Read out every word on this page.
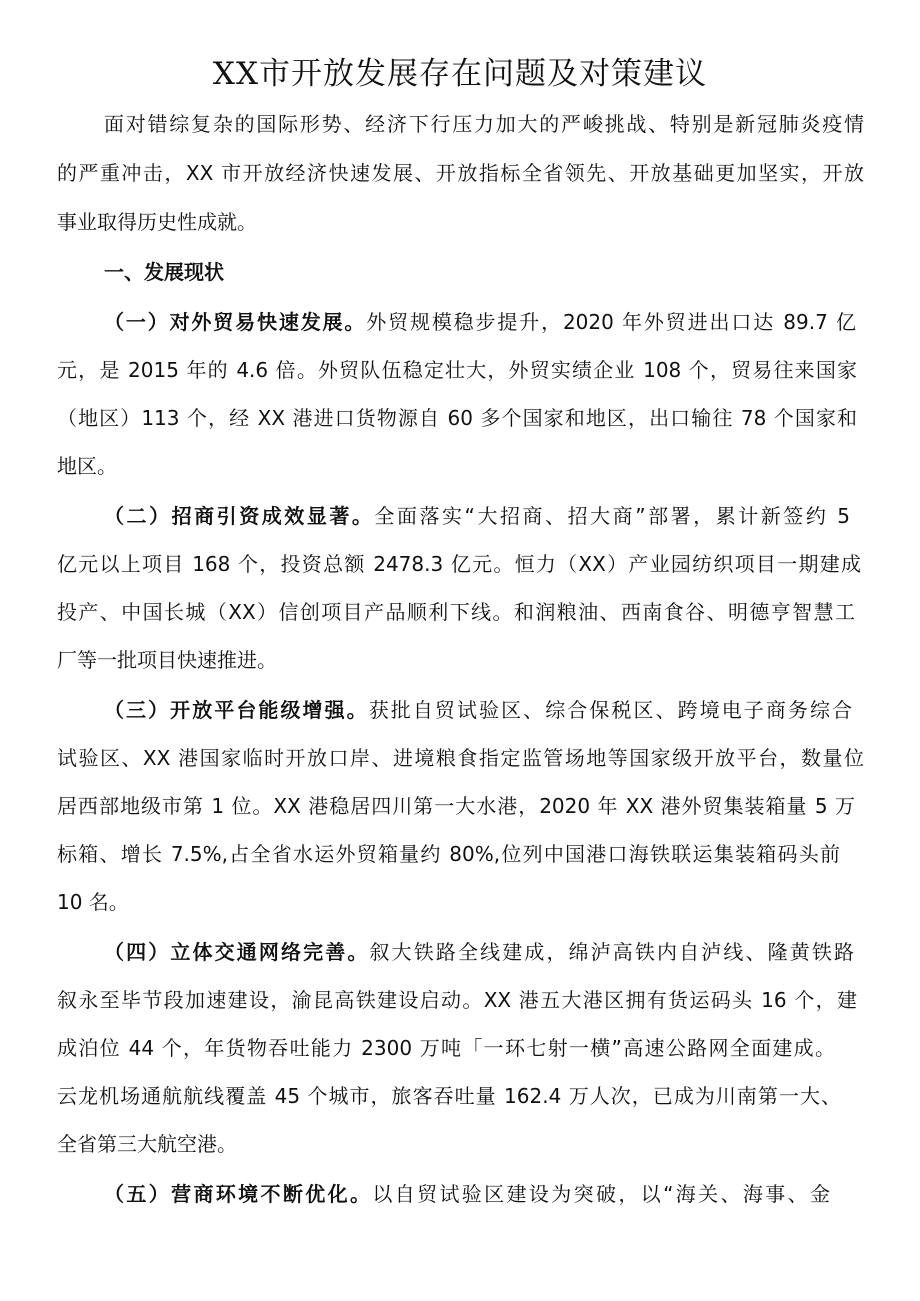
XX市开放发展存在问题及对策建议
面对错综复杂的国际形势、经济下行压力加大的严峻挑战、特别是新冠肺炎疫情
的严重冲击，XX 市开放经济快速发展、开放指标全省领先、开放基础更加坚实，开放
事业取得历史性成就。
一、发展现状
（一）对外贸易快速发展。外贸规模稳步提升，2020 年外贸进出口达 89.7 亿
元，是 2015 年的 4.6 倍。外贸队伍稳定壮大，外贸实绩企业 108 个，贸易往来国家
（地区）113 个，经 XX 港进口货物源自 60 多个国家和地区，出口输往 78 个国家和
地区。
（二）招商引资成效显著。全面落实“大招商、招大商”部署，累计新签约 5
亿元以上项目 168 个，投资总额 2478.3 亿元。恒力（XX）产业园纺织项目一期建成
投产、中国长城（XX）信创项目产品顺利下线。和润粮油、西南食谷、明德亨智慧工
厂等一批项目快速推进。
（三）开放平台能级增强。获批自贸试验区、综合保税区、跨境电子商务综合
试验区、XX 港国家临时开放口岸、进境粮食指定监管场地等国家级开放平台，数量位
居西部地级市第 1 位。XX 港稳居四川第一大水港，2020 年 XX 港外贸集装箱量 5 万
标箱、增长 7.5%,占全省水运外贸箱量约 80%,位列中国港口海铁联运集装箱码头前
10 名。
（四）立体交通网络完善。叙大铁路全线建成，绵泸高铁内自泸线、隆黄铁路
叙永至毕节段加速建设，渝昆高铁建设启动。XX 港五大港区拥有货运码头 16 个，建
成泊位 44 个，年货物吞吐能力 2300 万吨「一环七射一横”高速公路网全面建成。
云龙机场通航航线覆盖 45 个城市，旅客吞吐量 162.4 万人次，已成为川南第一大、
全省第三大航空港。
（五）营商环境不断优化。以自贸试验区建设为突破，以“海关、海事、金
